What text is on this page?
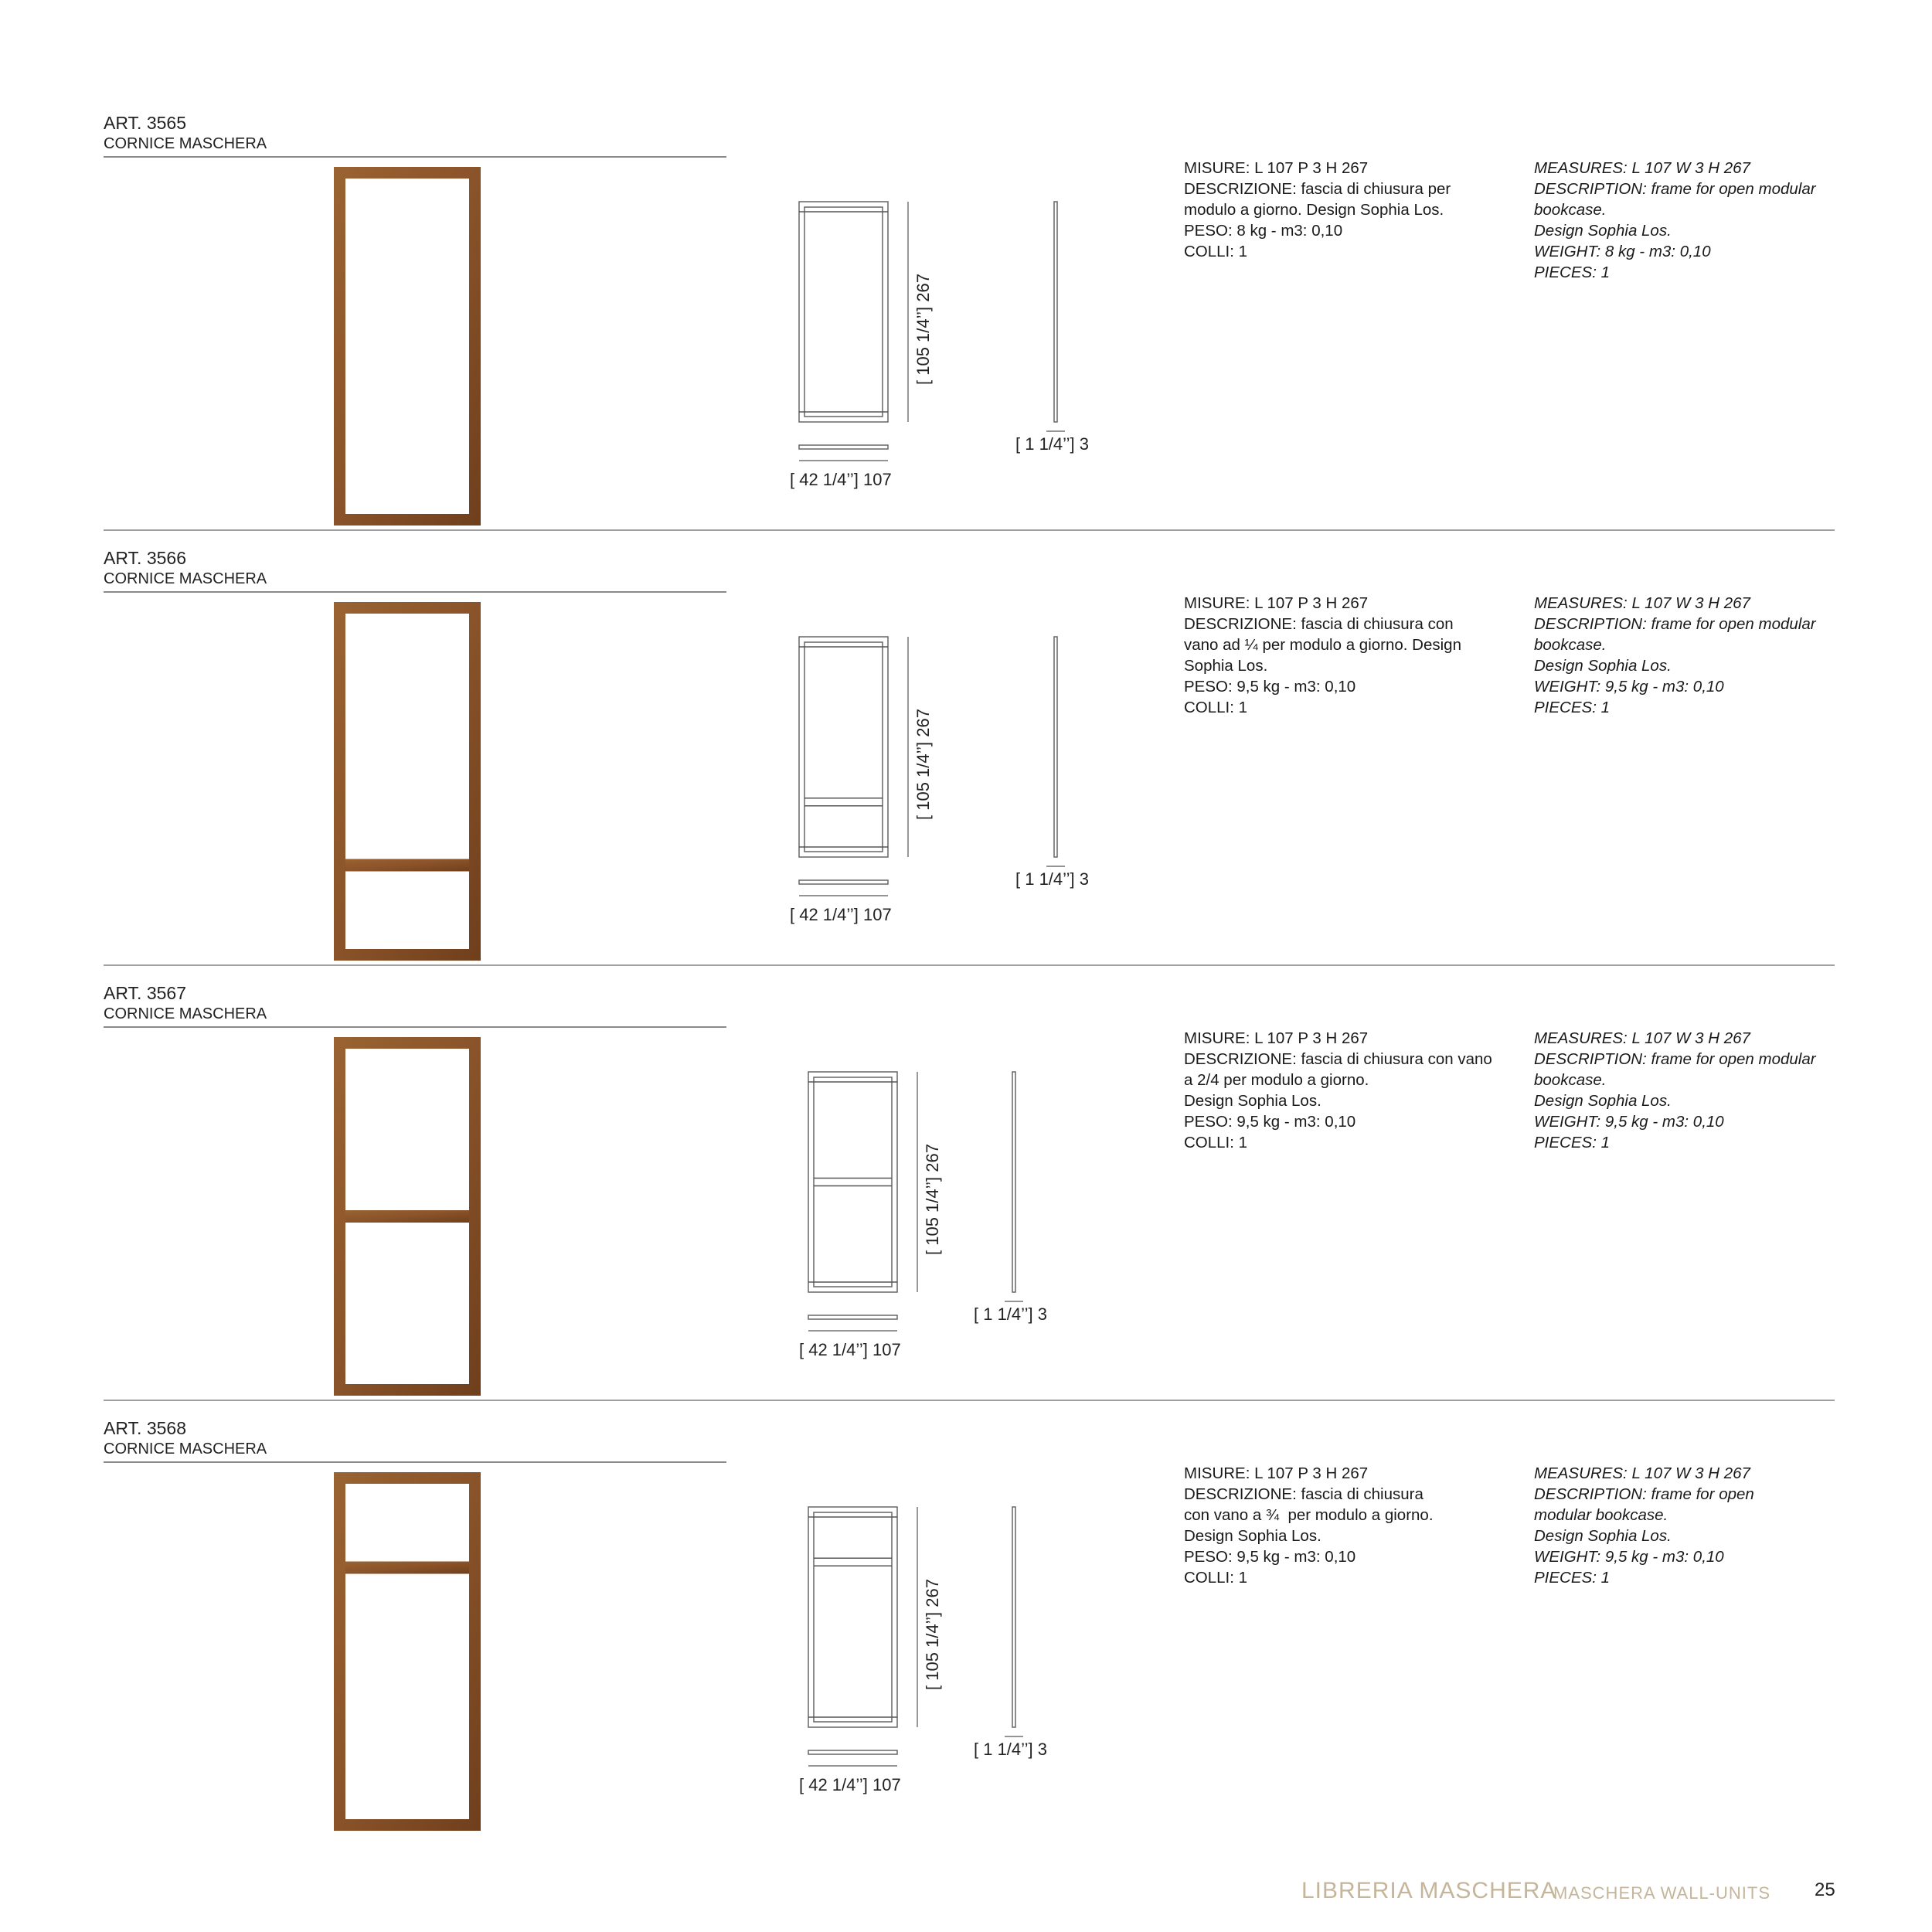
ART. 3565
CORNICE MASCHERA
[ 42 1/4’’] 107
[ 105 1/4’’] 267
[ 1 1/4’’] 3
MISURE: L 107 P 3 H 267
DESCRIZIONE: fascia di chiusura per
modulo a giorno. Design Sophia Los.
PESO: 8 kg - m3: 0,10
COLLI: 1
MEASURES: L 107 W 3 H 267
DESCRIPTION: frame for open modular
bookcase.
Design Sophia Los.
WEIGHT: 8 kg - m3: 0,10
PIECES: 1
ART. 3566
CORNICE MASCHERA
[ 42 1/4’’] 107
[ 105 1/4’’] 267
[ 1 1/4’’] 3
MISURE: L 107 P 3 H 267
DESCRIZIONE: fascia di chiusura con
vano ad ¼ per modulo a giorno. Design
Sophia Los.
PESO: 9,5 kg - m3: 0,10
COLLI: 1
MEASURES: L 107 W 3 H 267
DESCRIPTION: frame for open modular
bookcase.
Design Sophia Los.
WEIGHT: 9,5 kg - m3: 0,10
PIECES: 1
ART. 3567
CORNICE MASCHERA
[ 42 1/4’’] 107
[ 105 1/4’’] 267
[ 1 1/4’’] 3
MISURE: L 107 P 3 H 267
DESCRIZIONE: fascia di chiusura con vano
a 2/4 per modulo a giorno.
Design Sophia Los.
PESO: 9,5 kg - m3: 0,10
COLLI: 1
MEASURES: L 107 W 3 H 267
DESCRIPTION: frame for open modular
bookcase.
Design Sophia Los.
WEIGHT: 9,5 kg - m3: 0,10
PIECES: 1
ART. 3568
CORNICE MASCHERA
[ 42 1/4’’] 107
[ 105 1/4’’] 267
[ 1 1/4’’] 3
MISURE: L 107 P 3 H 267
DESCRIZIONE: fascia di chiusura
con vano a ¾  per modulo a giorno.
Design Sophia Los.
PESO: 9,5 kg - m3: 0,10
COLLI: 1
MEASURES: L 107 W 3 H 267
DESCRIPTION: frame for open
modular bookcase.
Design Sophia Los.
WEIGHT: 9,5 kg - m3: 0,10
PIECES: 1
LIBRERIA MASCHERA
MASCHERA WALL-UNITS 25
